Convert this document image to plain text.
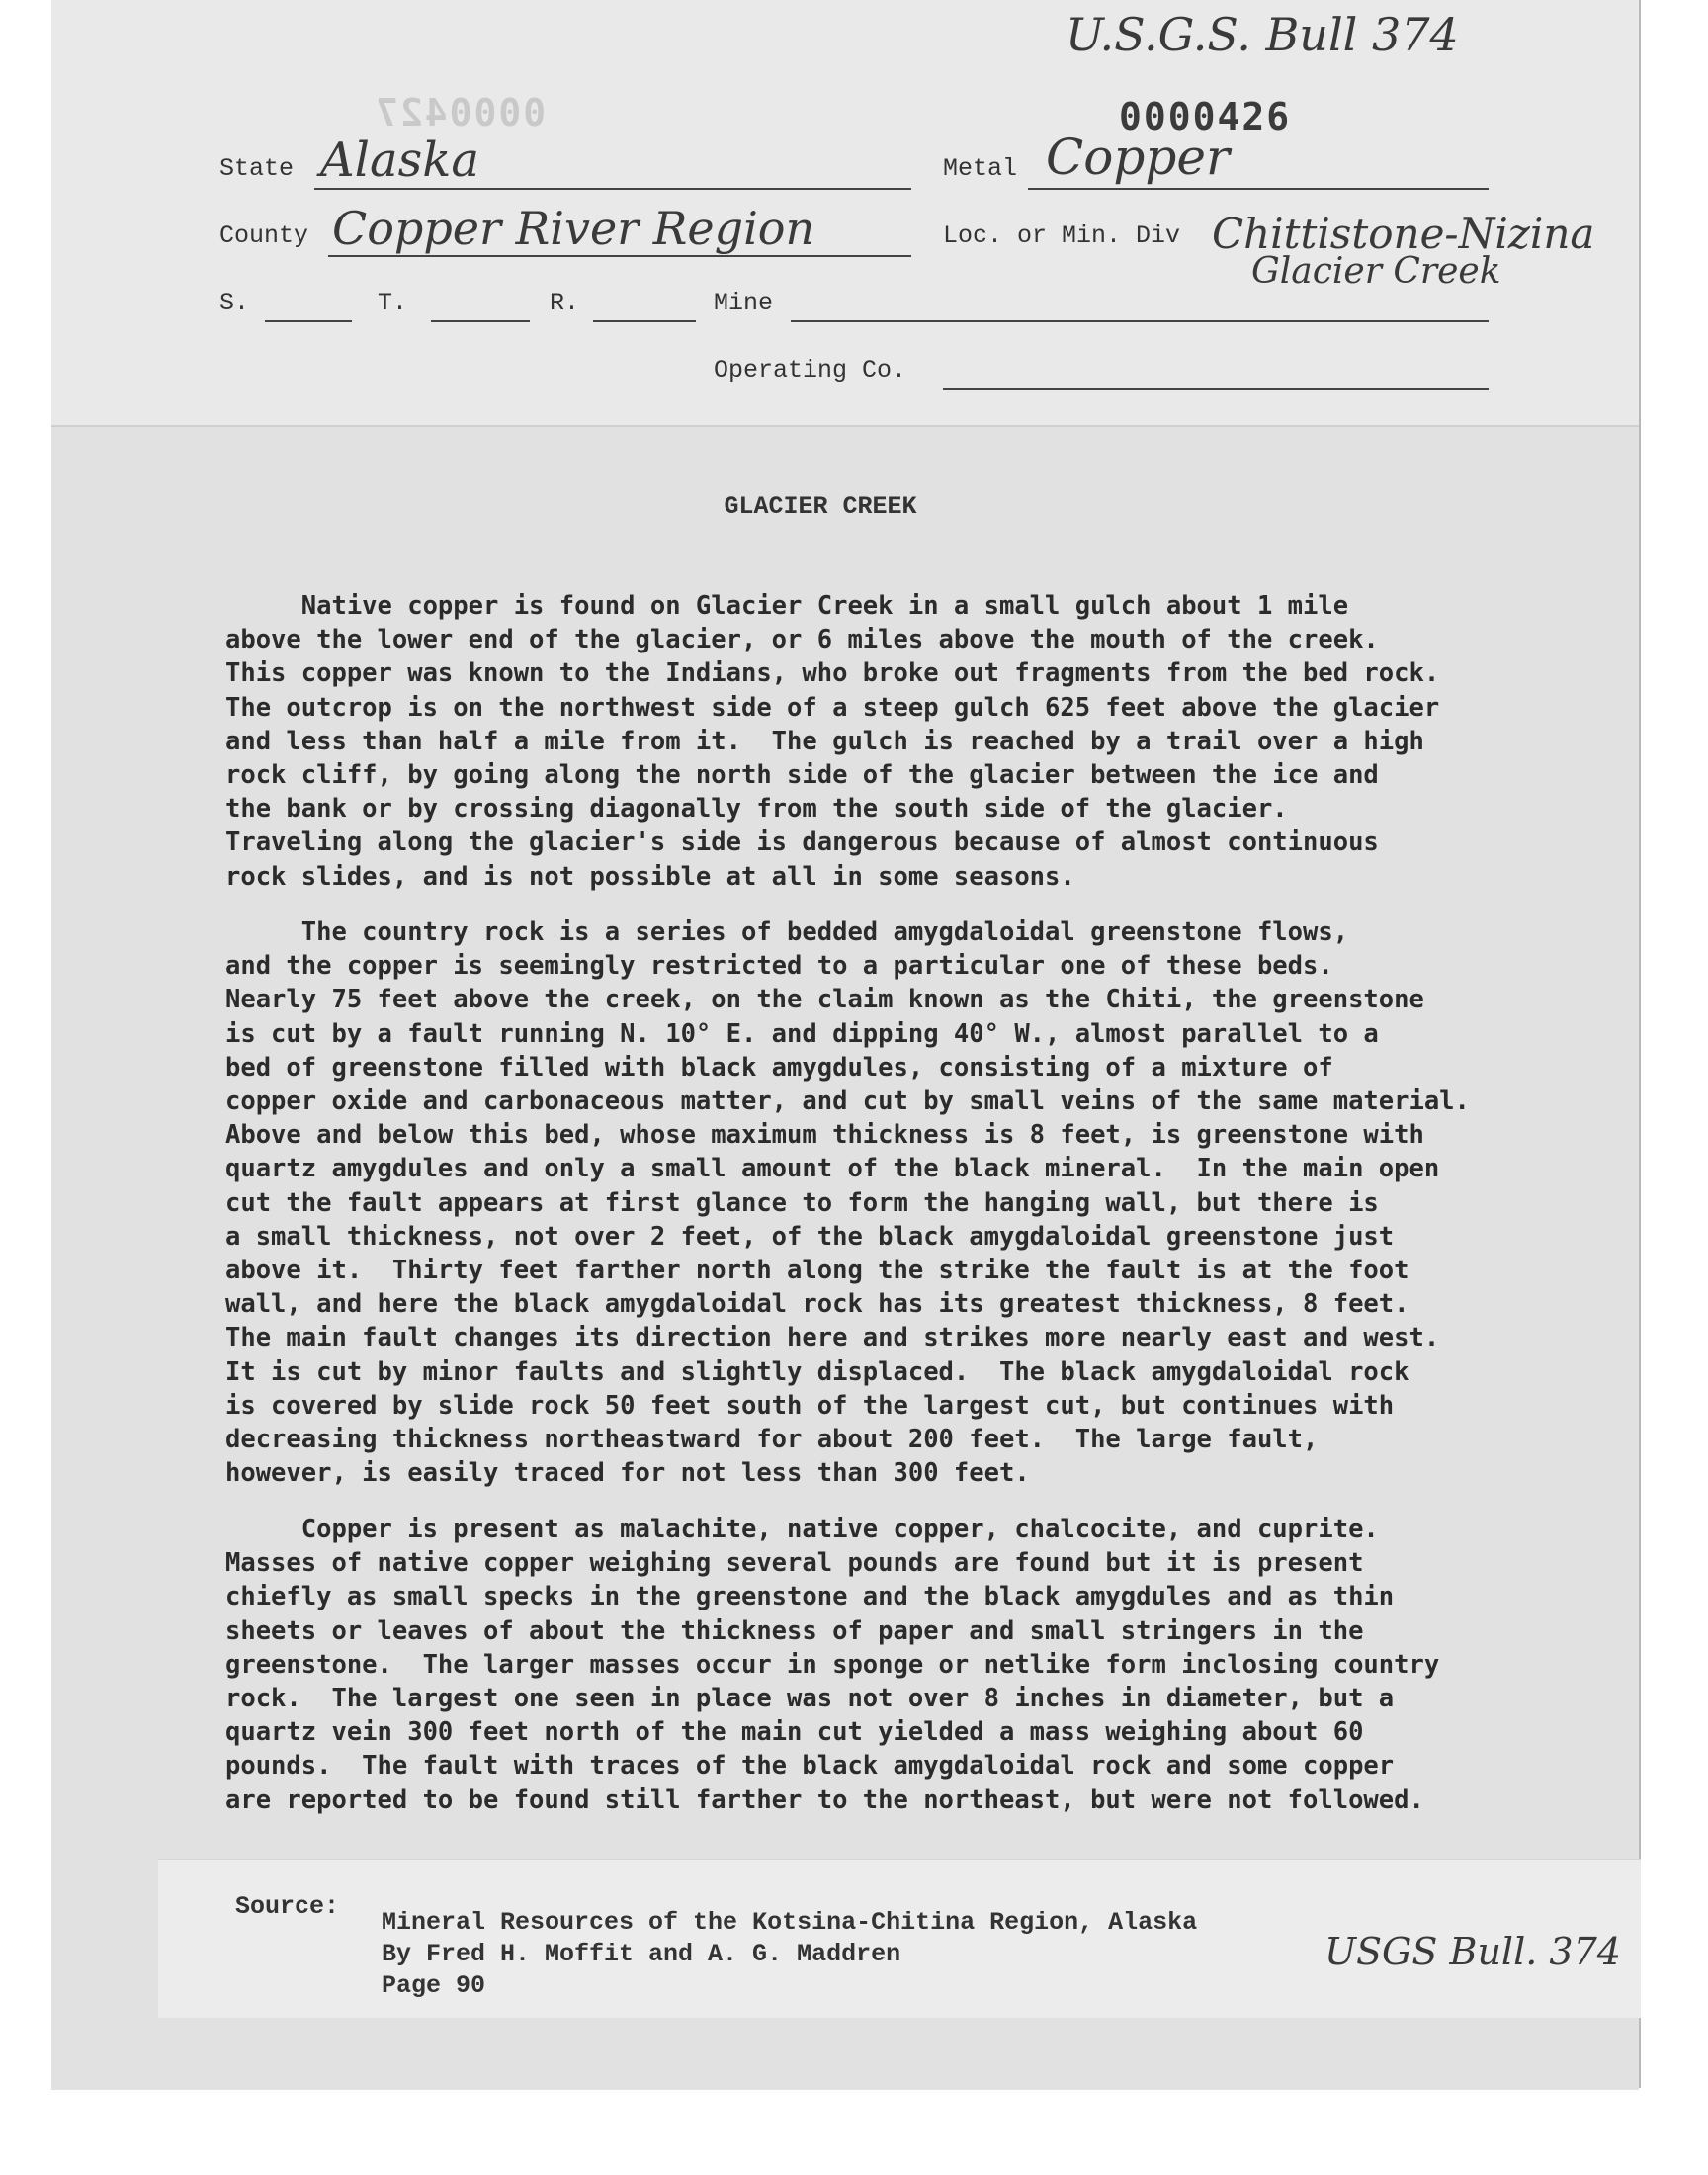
U.S.G.S. Bull 374
0000427	0000426
State Alaska	Metal Copper
County Copper River Region	Loc. or Min. Div Chittistone-Nizina
Glacier Creek
S.	T.	R.	Mine
Operating Co.
GLACIER CREEK
Native copper is found on Glacier Creek in a small gulch about 1 mile
above the lower end of the glacier, or 6 miles above the mouth of the creek.
This copper was known to the Indians, who broke out fragments from the bed rock.
The outcrop is on the northwest side of a steep gulch 625 feet above the glacier
and less than half a mile from it.  The gulch is reached by a trail over a high
rock cliff, by going along the north side of the glacier between the ice and
the bank or by crossing diagonally from the south side of the glacier.
Traveling along the glacier's side is dangerous because of almost continuous
rock slides, and is not possible at all in some seasons.
The country rock is a series of bedded amygdaloidal greenstone flows,
and the copper is seemingly restricted to a particular one of these beds.
Nearly 75 feet above the creek, on the claim known as the Chiti, the greenstone
is cut by a fault running N. 10° E. and dipping 40° W., almost parallel to a
bed of greenstone filled with black amygdules, consisting of a mixture of
copper oxide and carbonaceous matter, and cut by small veins of the same material.
Above and below this bed, whose maximum thickness is 8 feet, is greenstone with
quartz amygdules and only a small amount of the black mineral.  In the main open
cut the fault appears at first glance to form the hanging wall, but there is
a small thickness, not over 2 feet, of the black amygdaloidal greenstone just
above it.  Thirty feet farther north along the strike the fault is at the foot
wall, and here the black amygdaloidal rock has its greatest thickness, 8 feet.
The main fault changes its direction here and strikes more nearly east and west.
It is cut by minor faults and slightly displaced.  The black amygdaloidal rock
is covered by slide rock 50 feet south of the largest cut, but continues with
decreasing thickness northeastward for about 200 feet.  The large fault,
however, is easily traced for not less than 300 feet.
Copper is present as malachite, native copper, chalcocite, and cuprite.
Masses of native copper weighing several pounds are found but it is present
chiefly as small specks in the greenstone and the black amygdules and as thin
sheets or leaves of about the thickness of paper and small stringers in the
greenstone.  The larger masses occur in sponge or netlike form inclosing country
rock.  The largest one seen in place was not over 8 inches in diameter, but a
quartz vein 300 feet north of the main cut yielded a mass weighing about 60
pounds.  The fault with traces of the black amygdaloidal rock and some copper
are reported to be found still farther to the northeast, but were not followed.
Source:
Mineral Resources of the Kotsina-Chitina Region, Alaska
By Fred H. Moffit and A. G. Maddren
Page 90
USGS Bull. 374
